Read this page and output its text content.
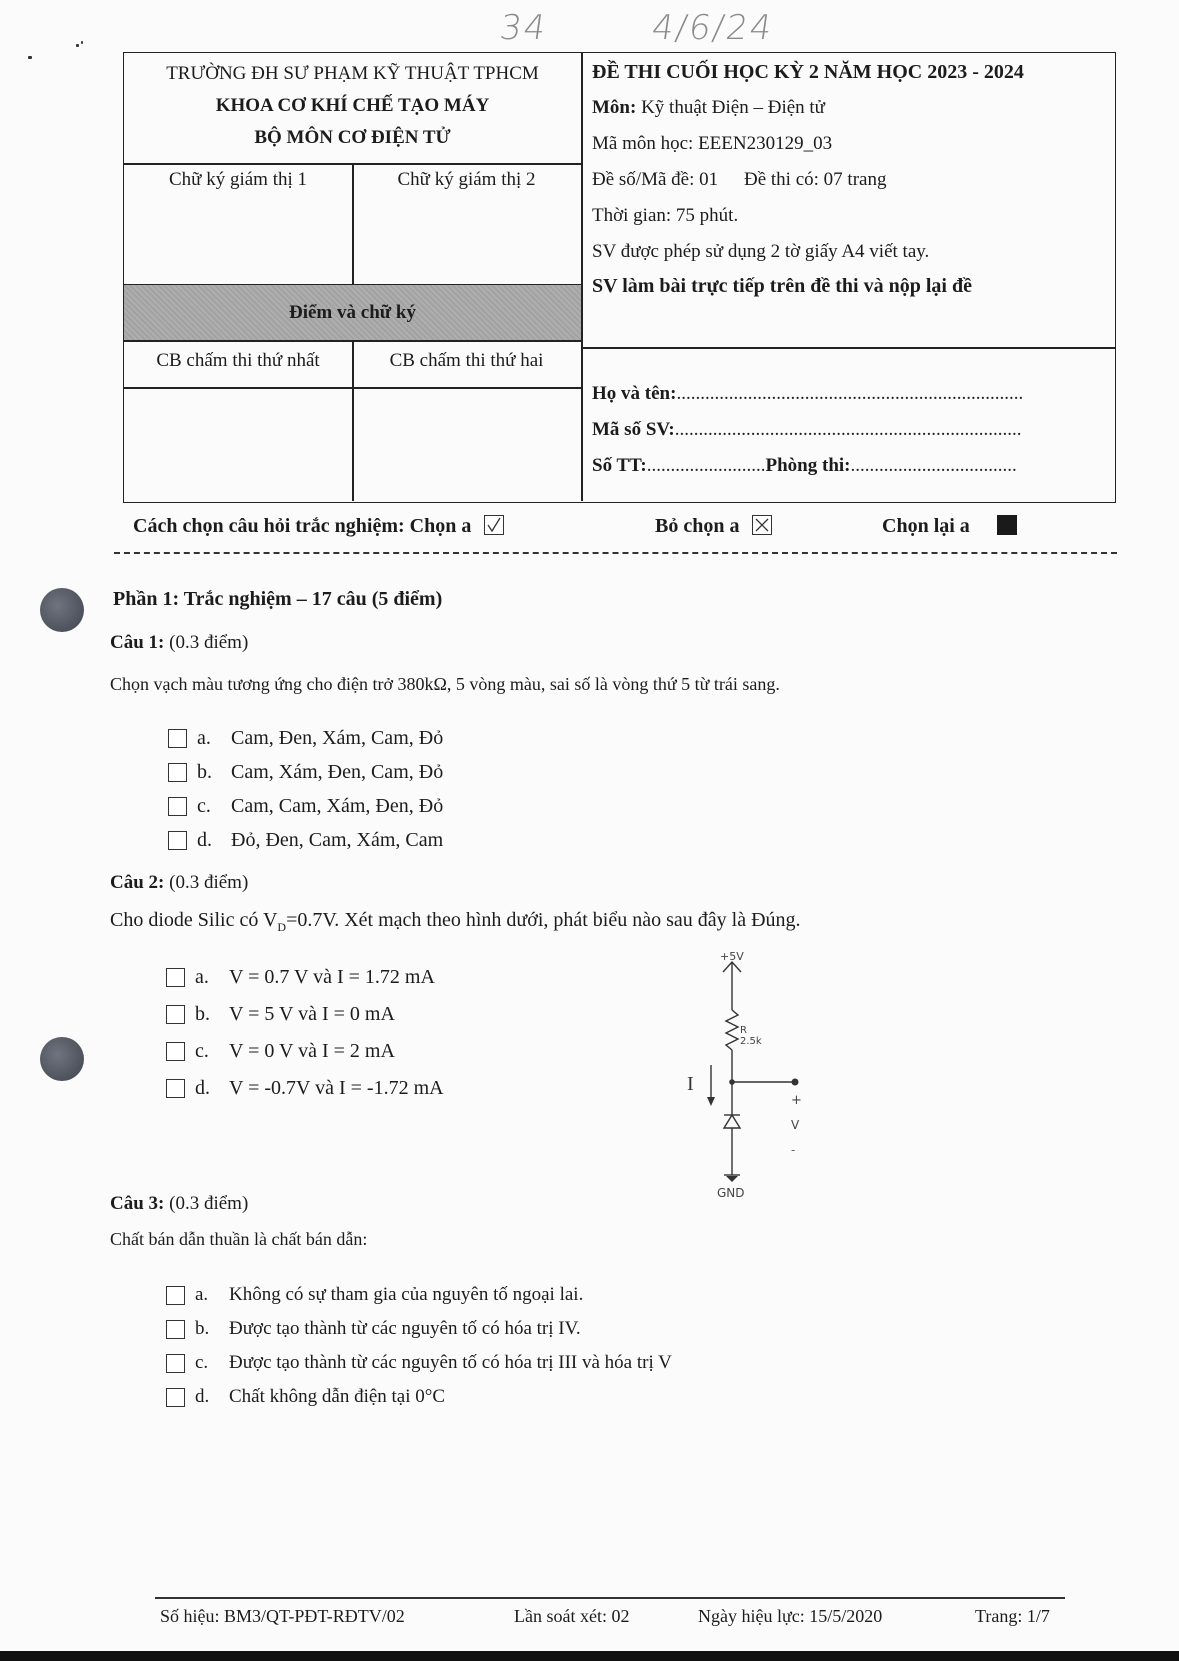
34	4/6/24
TRƯỜNG ĐH SƯ PHẠM KỸ THUẬT TPHCM
KHOA CƠ KHÍ CHẾ TẠO MÁY
BỘ MÔN CƠ ĐIỆN TỬ
Chữ ký giám thị 1	Chữ ký giám thị 2
Điểm và chữ ký
CB chấm thi thứ nhất	CB chấm thi thứ hai
ĐỀ THI CUỐI HỌC KỲ 2 NĂM HỌC 2023 - 2024
Môn: Kỹ thuật Điện – Điện tử
Mã môn học: EEEN230129_03
Đề số/Mã đề: 01 Đề thi có: 07 trang
Thời gian: 75 phút.
SV được phép sử dụng 2 tờ giấy A4 viết tay.
SV làm bài trực tiếp trên đề thi và nộp lại đề
Họ và tên:.........................................................................
Mã số SV:.........................................................................
Số TT:.........................Phòng thi:...................................
Cách chọn câu hỏi trắc nghiệm: Chọn a	Bỏ chọn a	Chọn lại a
Phần 1: Trắc nghiệm – 17 câu (5 điểm)
Câu 1: (0.3 điểm)
Chọn vạch màu tương ứng cho điện trở 380kΩ, 5 vòng màu, sai số là vòng thứ 5 từ trái sang.
a.	Cam, Đen, Xám, Cam, Đỏ
b. Cam, Xám, Đen, Cam, Đỏ
c.	Cam, Cam, Xám, Đen, Đỏ
d. Đỏ, Đen, Cam, Xám, Cam
Câu 2: (0.3 điểm)
Cho diode Silic có $V_D=0.7V$. Xét mạch theo hình dưới, phát biểu nào sau đây là Đúng.
a.	V = 0.7 V và I = 1.72 mA
b. V = 5 V và I = 0 mA
c.	V = 0 V và I = 2 mA
d. V = -0.7V và I = -1.72 mA
+5V
R
2.5k
I
+
V
-
GND
Câu 3: (0.3 điểm)
Chất bán dẫn thuần là chất bán dẫn:
a.	Không có sự tham gia của nguyên tố ngoại lai.
b.	Được tạo thành từ các nguyên tố có hóa trị IV.
c.	Được tạo thành từ các nguyên tố có hóa trị III và hóa trị V
d.	Chất không dẫn điện tại 0°C
Số hiệu: BM3/QT-PĐT-RĐTV/02	Lần soát xét: 02	Ngày hiệu lực: 15/5/2020	Trang: 1/7
